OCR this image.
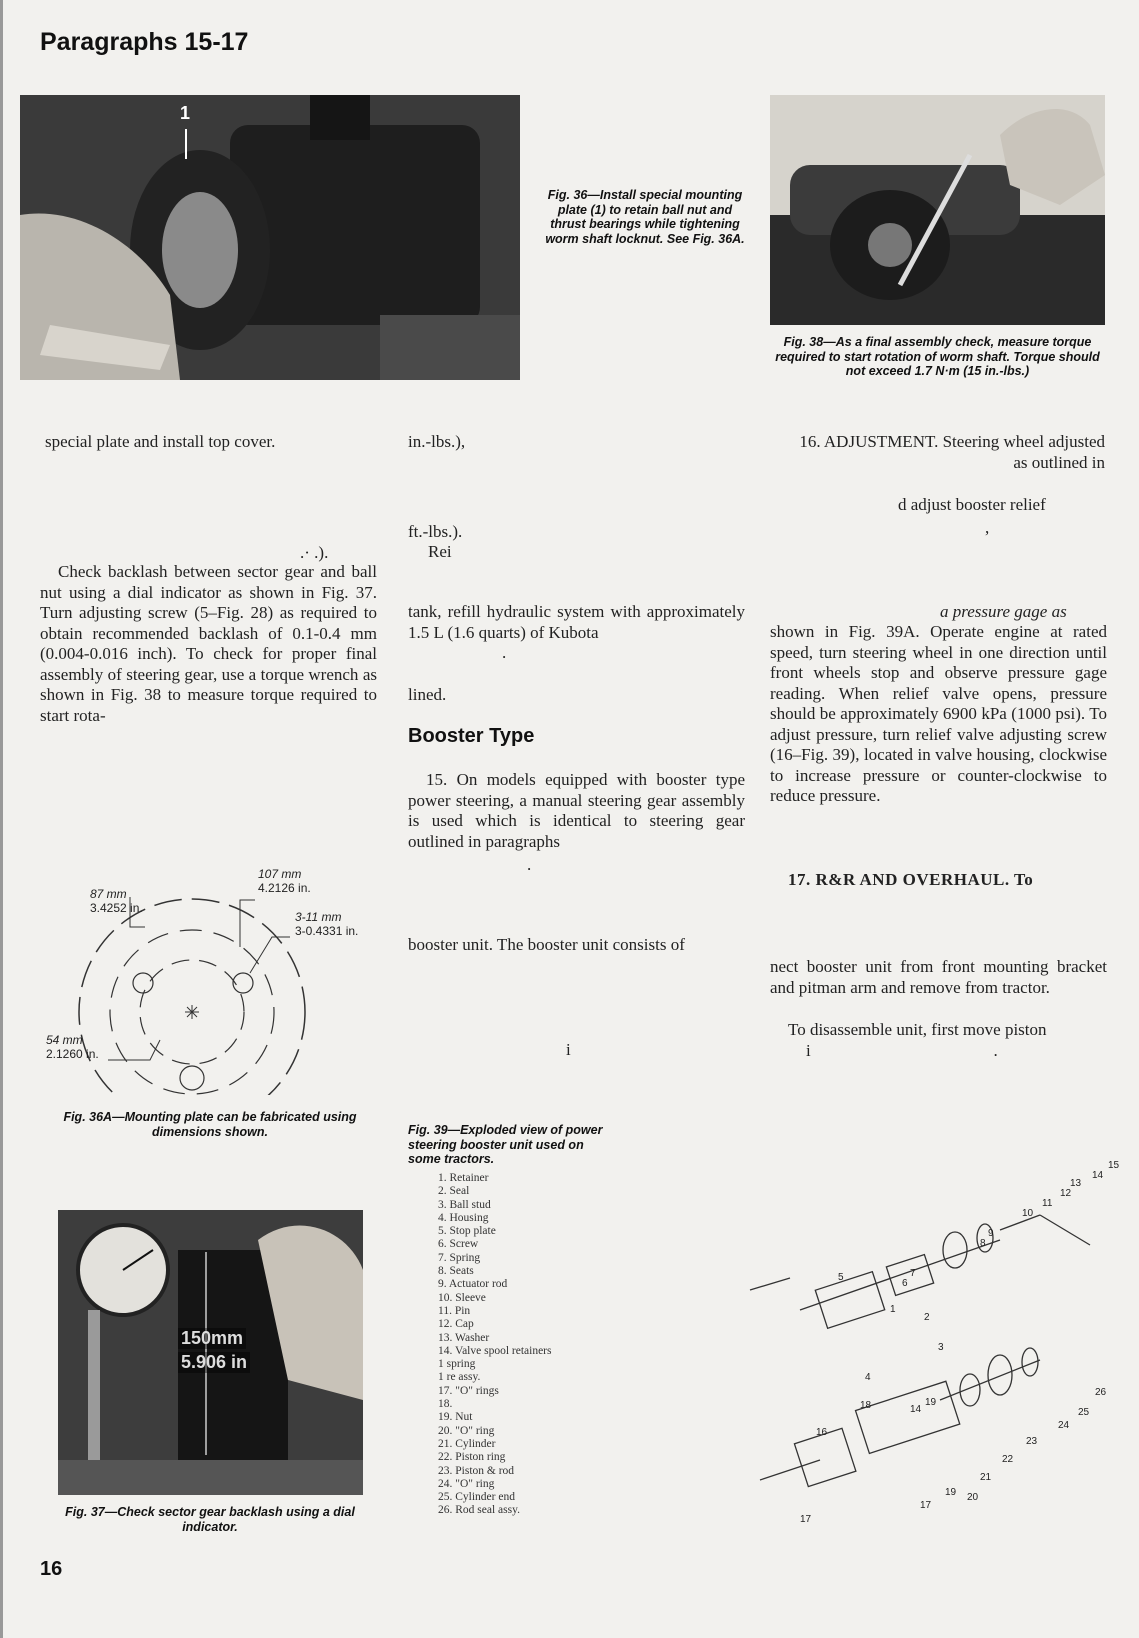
Paragraphs 15-17
1
Fig. 36—Install special mounting plate (1) to retain ball nut and thrust bearings while tightening worm shaft locknut. See Fig. 36A.
Fig. 38—As a final assembly check, measure torque required to start rotation of worm shaft. Torque should not exceed 1.7 N·m (15 in.-lbs.)
special plate and install top cover.
.· .).
Check backlash between sector gear and ball nut using a dial indicator as shown in Fig. 37. Turn adjusting screw (5–Fig. 28) as required to obtain recommended backlash of 0.1-0.4 mm (0.004-0.016 inch). To check for proper final assembly of steering gear, use a torque wrench as shown in Fig. 38 to measure torque required to start rota-
87 mm
3.4252 in.
107 mm
4.2126 in.
3-11 mm
3-0.4331 in.
54 mm
2.1260 in.
Fig. 36A—Mounting plate can be fabricated using dimensions shown.
150mm
5.906 in
Fig. 37—Check sector gear backlash using a dial indicator.
in.-lbs.),
ft.-lbs.).
Rei
tank, refill hydraulic system with approximately 1.5 L (1.6 quarts) of Kubota
.
lined.
Booster Type
15. On models equipped with booster type power steering, a manual steering gear assembly is used which is identical to steering gear outlined in paragraphs
.
booster unit. The booster unit consists of
i
Fig. 39—Exploded view of power steering booster unit used on some tractors.
1. Retainer
2. Seal
3. Ball stud
4. Housing
5. Stop plate
6. Screw
7. Spring
8. Seats
9. Actuator rod
10. Sleeve
11. Pin
12. Cap
13. Washer
14. Valve spool retainers
1 spring
1 re assy.
17. "O" rings
18.
19. Nut
20. "O" ring
21. Cylinder
22. Piston ring
23. Piston & rod
24. "O" ring
25. Cylinder end
26. Rod seal assy.
16. ADJUSTMENT. Steering wheel adjusted as outlined in
d adjust booster relief
,
a pressure gage as
shown in Fig. 39A. Operate engine at rated speed, turn steering wheel in one direction until front wheels stop and observe pressure gage reading. When relief valve opens, pressure should be approximately 6900 kPa (1000 psi). To adjust pressure, turn relief valve adjusting screw (16–Fig. 39), located in valve housing, clockwise to increase pressure or counter-clockwise to reduce pressure.
17. R&R AND OVERHAUL. To
nect booster unit from front mounting bracket and pitman arm and remove from tractor.
To disassemble unit, first move piston
i                                           .
15
14
13
12
11
10
9
8
7
6
5
4
3
2
1
26
25
24
23
22
21
20
19
17
18
16
17
19
14
16
